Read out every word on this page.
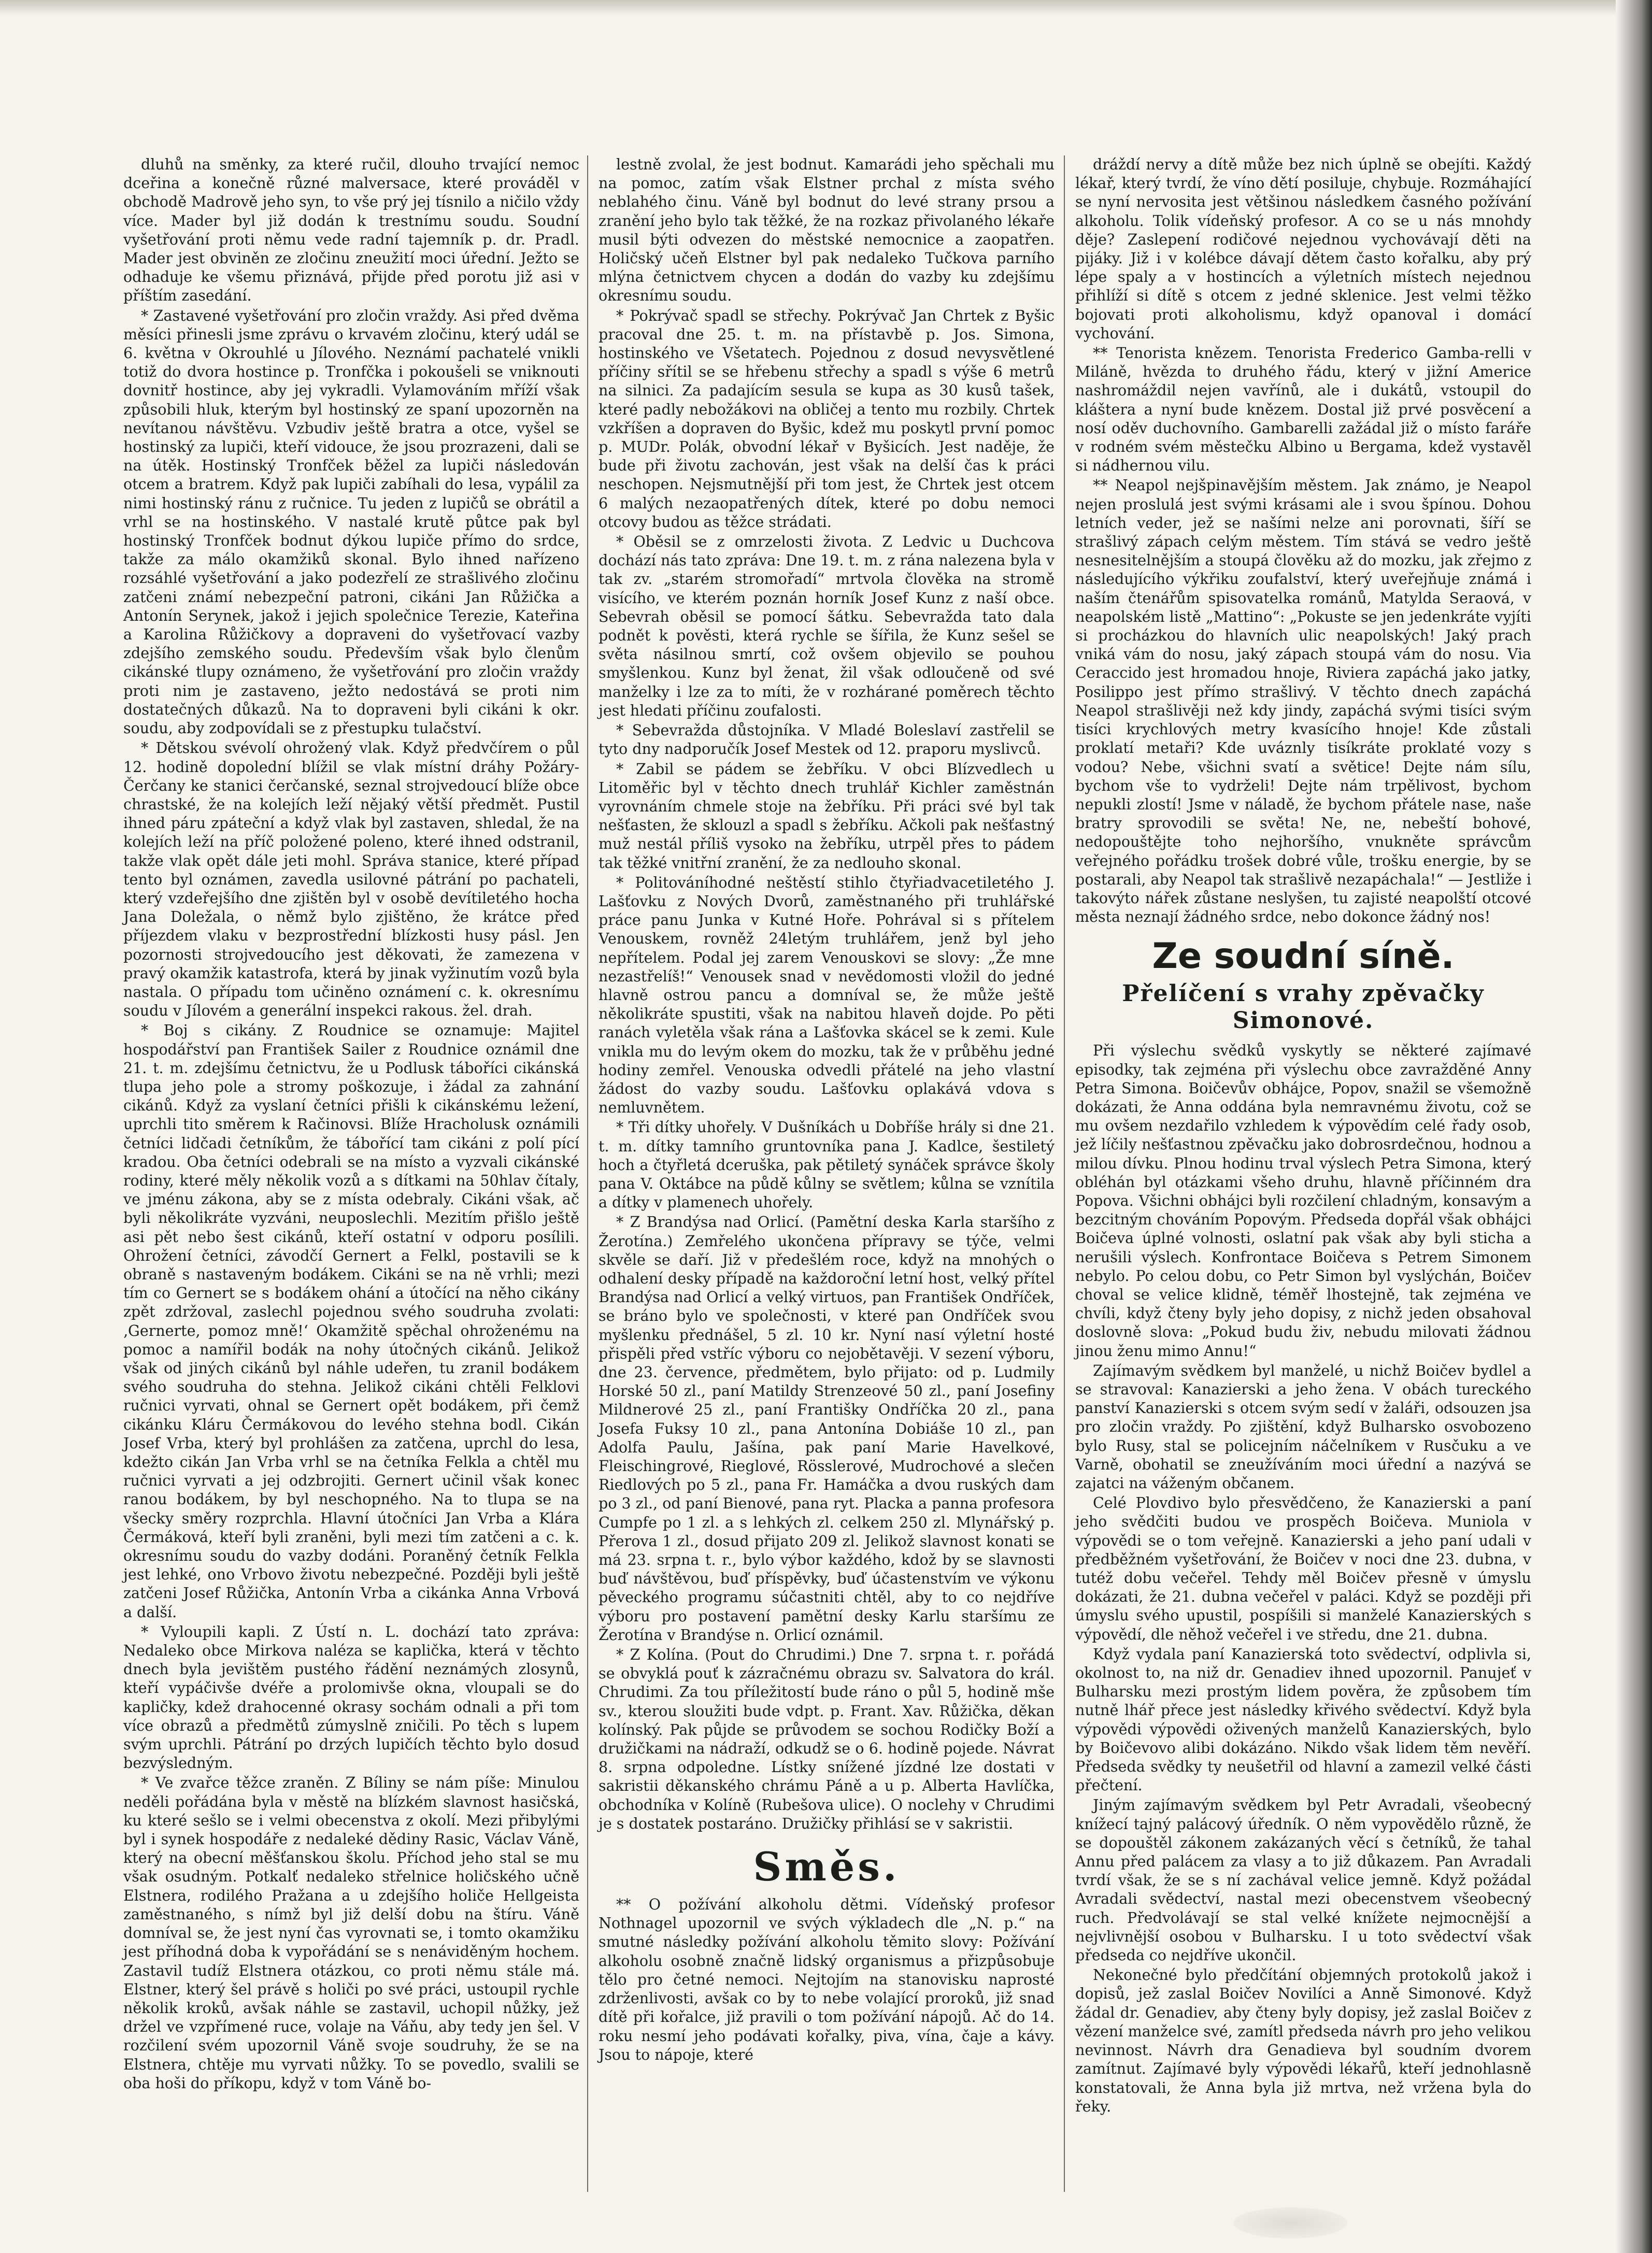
dluhů na směnky, za které ručil, dlouho trvající nemoc dceřina a konečně různé malversace, které prováděl v obchodě Madrově jeho syn, to vše prý jej tísnilo a ničilo vždy více. Mader byl již dodán k trestnímu soudu. Soudní vyšetřování proti němu vede radní tajemník p. dr. Pradl. Mader jest obviněn ze zločinu zneužití moci úřední. Ježto se odhaduje ke všemu přiznává, přijde před porotu již asi v příštím zasedání.

* Zastavené vyšetřování pro zločin vraždy. Asi před dvěma měsíci přinesli jsme zprávu o krvavém zločinu, který udál se 6. května v Okrouhlé u Jílového. Neznámí pachatelé vnikli totiž do dvora hostince p. Tronfčka i pokoušeli se vniknouti dovnitř hostince, aby jej vykradli. Vylamováním mříží však způsobili hluk, kterým byl hostinský ze spaní upozorněn na nevítanou návštěvu. Vzbudiv ještě bratra a otce, vyšel se hostinský za lupiči, kteří vidouce, že jsou prozrazeni, dali se na útěk. Hostinský Tronfček běžel za lupiči následován otcem a bratrem. Když pak lupiči zabíhali do lesa, vypálil za nimi hostinský ránu z ručnice. Tu jeden z lupičů se obrátil a vrhl se na hostinského. V nastalé krutě půtce pak byl hostinský Tronfček bodnut dýkou lupiče přímo do srdce, takže za málo okamžiků skonal. Bylo ihned nařízeno rozsáhlé vyšetřování a jako podezřelí ze strašlivého zločinu zatčeni známí nebezpeční patroni, cikáni Jan Růžička a Antonín Serynek, jakož i jejich společnice Terezie, Kateřina a Karolina Růžičkovy a dopraveni do vyšetřovací vazby zdejšího zemského soudu. Především však bylo členům cikánské tlupy oznámeno, že vyšetřování pro zločin vraždy proti nim je zastaveno, ježto nedostává se proti nim dostatečných důkazů. Na to dopraveni byli cikáni k okr. soudu, aby zodpovídali se z přestupku tulačství.

* Dětskou svévolí ohrožený vlak. Když předvčírem o půl 12. hodině dopolední blížil se vlak místní dráhy Požáry-Čerčany ke stanici čerčanské, seznal strojvedoucí blíže obce chrastské, že na kolejích leží nějaký větší předmět. Pustil ihned páru zpáteční a když vlak byl zastaven, shledal, že na kolejích leží na příč položené poleno, které ihned odstranil, takže vlak opět dále jeti mohl. Správa stanice, které případ tento byl oznámen, zavedla usilovné pátrání po pachateli, který vzdeřejšího dne zjištěn byl v osobě devítiletého hocha Jana Doležala, o němž bylo zjištěno, že krátce před příjezdem vlaku v bezprostřední blízkosti husy pásl. Jen pozornosti strojvedoucího jest děkovati, že zamezena v pravý okamžik katastrofa, která by jinak vyžinutím vozů byla nastala. O případu tom učiněno oznámení c. k. okresnímu soudu v Jílovém a generální inspekci rakous. žel. drah.

* Boj s cikány. Z Roudnice se oznamuje: Majitel hospodářství pan František Sailer z Roudnice oznámil dne 21. t. m. zdejšímu četnictvu, že u Podlusk táboříci cikánská tlupa jeho pole a stromy poškozuje, i žádal za zahnání cikánů. Když za vyslaní četníci přišli k cikánskému ležení, uprchli tito směrem k Račinovsi. Blíže Hracholusk oznámili četníci lidčadi četníkům, že tábořící tam cikáni z polí pící kradou. Oba četníci odebrali se na místo a vyzvali cikánské rodiny, které měly několik vozů a s dítkami na 50hlav čítaly, ve jménu zákona, aby se z místa odebraly. Cikáni však, ač byli několikráte vyzváni, neuposlechli. Mezitím přišlo ještě asi pět nebo šest cikánů, kteří ostatní v odporu posílili. Ohrožení četníci, závodčí Gernert a Felkl, postavili se k obraně s nastaveným bodákem. Cikáni se na ně vrhli; mezi tím co Gernert se s bodákem ohání a útočící na něho cikány zpět zdržoval, zaslechl pojednou svého soudruha zvolati: ‚Gernerte, pomoz mně!‘ Okamžitě spěchal ohroženému na pomoc a namířil bodák na nohy útočných cikánů. Jelikož však od jiných cikánů byl náhle udeřen, tu zranil bodákem svého soudruha do stehna. Jelikož cikáni chtěli Felklovi ručnici vyrvati, ohnal se Gernert opět bodákem, při čemž cikánku Kláru Čermákovou do levého stehna bodl. Cikán Josef Vrba, který byl prohlášen za zatčena, uprchl do lesa, kdežto cikán Jan Vrba vrhl se na četníka Felkla a chtěl mu ručnici vyrvati a jej odzbrojiti. Gernert učinil však konec ranou bodákem, by byl neschopného. Na to tlupa se na všecky směry rozprchla. Hlavní útočníci Jan Vrba a Klára Čermáková, kteří byli zraněni, byli mezi tím zatčeni a c. k. okresnímu soudu do vazby dodáni. Poraněný četník Felkla jest lehké, ono Vrbovo životu nebezpečné. Později byli ještě zatčeni Josef Růžička, Antonín Vrba a cikánka Anna Vrbová a další.

* Vyloupili kapli. Z Ústí n. L. dochází tato zpráva: Nedaleko obce Mirkova naléza se kaplička, která v těchto dnech byla jevištěm pustého řádění neznámých zlosynů, kteří vypáčivše dvéře a prolomivše okna, vloupali se do kapličky, kdež drahocenné okrasy sochám odnali a při tom více obrazů a předmětů zúmyslně zničili. Po těch s lupem svým uprchli. Pátrání po drzých lupičích těchto bylo dosud bezvýsledným.

* Ve zvařce těžce zraněn. Z Bíliny se nám píše: Minulou neděli pořádána byla v městě na blízkém slavnost hasičská, ku které sešlo se i velmi obecenstva z okolí. Mezi přibylými byl i synek hospodáře z nedaleké dědiny Rasic, Václav Váně, který na obecní měšťanskou školu. Příchod jeho stal se mu však osudným. Potkalť nedaleko střelnice holičského učně Elstnera, rodilého Pražana a u zdejšího holiče Hellgeista zaměstnaného, s nímž byl již delší dobu na štíru. Váně domníval se, že jest nyní čas vyrovnati se, i tomto okamžiku jest příhodná doba k vypořádání se s nenáviděným hochem. Zastavil tudíž Elstnera otázkou, co proti němu stále má. Elstner, který šel právě s holiči po své práci, ustoupil rychle několik kroků, avšak náhle se zastavil, uchopil nůžky, jež držel ve vzpřímené ruce, volaje na Váňu, aby tedy jen šel. V rozčilení svém upozornil Váně svoje soudruhy, že se na Elstnera, chtěje mu vyrvati nůžky. To se povedlo, svalili se oba hoši do příkopu, když v tom Váně bo-

lestně zvolal, že jest bodnut. Kamarádi jeho spěchali mu na pomoc, zatím však Elstner prchal z místa svého neblahého činu. Váně byl bodnut do levé strany prsou a zranění jeho bylo tak těžké, že na rozkaz přivolaného lékaře musil býti odvezen do městské nemocnice a zaopatřen. Holičský učeň Elstner byl pak nedaleko Tučkova parního mlýna četnictvem chycen a dodán do vazby ku zdejšímu okresnímu soudu.

* Pokrývač spadl se střechy. Pokrývač Jan Chrtek z Byšic pracoval dne 25. t. m. na přístavbě p. Jos. Simona, hostinského ve Všetatech. Pojednou z dosud nevysvětlené příčiny sřítil se se hřebenu střechy a spadl s výše 6 metrů na silnici. Za padajícím sesula se kupa as 30 kusů tašek, které padly nebožákovi na obličej a tento mu rozbily. Chrtek vzkříšen a dopraven do Byšic, kdež mu poskytl první pomoc p. MUDr. Polák, obvodní lékař v Byšicích. Jest naděje, že bude při životu zachován, jest však na delší čas k práci neschopen. Nejsmutnější při tom jest, že Chrtek jest otcem 6 malých nezaopatřených dítek, které po dobu nemoci otcovy budou as těžce strádati.

* Oběsil se z omrzelosti života. Z Ledvic u Duchcova dochází nás tato zpráva: Dne 19. t. m. z rána nalezena byla v tak zv. „starém stromořadí“ mrtvola člověka na stromě visícího, ve kterém poznán horník Josef Kunz z naší obce. Sebevrah oběsil se pomocí šátku. Sebevražda tato dala podnět k pověsti, která rychle se šířila, že Kunz sešel se světa násilnou smrtí, což ovšem objevilo se pouhou smyšlenkou. Kunz byl ženat, žil však odloučeně od své manželky i lze za to míti, že v rozhárané poměrech těchto jest hledati příčinu zoufalosti.

* Sebevražda důstojníka. V Mladé Boleslaví zastřelil se tyto dny nadporučík Josef Mestek od 12. praporu myslivců.

* Zabil se pádem se žebříku. V obci Blízvedlech u Litoměřic byl v těchto dnech truhlář Kichler zaměstnán vyrovnáním chmele stoje na žebříku. Při práci své byl tak nešťasten, že sklouzl a spadl s žebříku. Ačkoli pak nešťastný muž nestál příliš vysoko na žebříku, utrpěl přes to pádem tak těžké vnitřní zranění, že za nedlouho skonal.

* Politováníhodné neštěstí stihlo čtyřiadvacetiletého J. Lašťovku z Nových Dvorů, zaměstnaného při truhlářské práce panu Junka v Kutné Hoře. Pohrával si s přítelem Venouskem, rovněž 24letým truhlářem, jenž byl jeho nepřítelem. Podal jej zarem Venouskovi se slovy: „Že mne nezastřelíš!“ Venousek snad v nevědomosti vložil do jedné hlavně ostrou pancu a domníval se, že může ještě několikráte spustiti, však na nabitou hlaveň dojde. Po pěti ranách vyletěla však rána a Lašťovka skácel se k zemi. Kule vnikla mu do levým okem do mozku, tak že v průběhu jedné hodiny zemřel. Venouska odvedli přátelé na jeho vlastní žádost do vazby soudu. Lašťovku oplakává vdova s nemluvnětem.

* Tři dítky uhořely. V Dušníkách u Dobříše hrály si dne 21. t. m. dítky tamního gruntovníka pana J. Kadlce, šestiletý hoch a čtyřletá dceruška, pak pětiletý synáček správce školy pana V. Oktábce na půdě kůlny se světlem; kůlna se vznítila a dítky v plamenech uhořely.

* Z Brandýsa nad Orlicí. (Pamětní deska Karla staršího z Žerotína.) Zemřelého ukončena přípravy se týče, velmi skvěle se daří. Již v předešlém roce, když na mnohých o odhalení desky případě na každoroční letní host, velký přítel Brandýsa nad Orlicí a velký virtuos, pan František Ondříček, se bráno bylo ve společnosti, v které pan Ondříček svou myšlenku přednášel, 5 zl. 10 kr. Nyní nasí výletní hosté přispěli před vstříc výboru co nejobětavěji. V sezení výboru, dne 23. července, předmětem, bylo přijato: od p. Ludmily Horské 50 zl., paní Matildy Strenzeové 50 zl., paní Josefiny Mildnerové 25 zl., paní Františky Ondříčka 20 zl., pana Josefa Fuksy 10 zl., pana Antonína Dobiáše 10 zl., pan Adolfa Paulu, Jašína, pak paní Marie Havelkové, Fleischingrové, Rieglové, Rösslerové, Mudrochové a slečen Riedlových po 5 zl., pana Fr. Hamáčka a dvou ruských dam po 3 zl., od paní Bienové, pana ryt. Placka a panna profesora Cumpfe po 1 zl. a s lehkých zl. celkem 250 zl. Mlynářský p. Přerova 1 zl., dosud přijato 209 zl. Jelikož slavnost konati se má 23. srpna t. r., bylo výbor každého, kdož by se slavnosti buď návštěvou, buď příspěvky, buď účastenstvím ve výkonu pěveckého programu súčastniti chtěl, aby to co nejdříve výboru pro postavení pamětní desky Karlu staršímu ze Žerotína v Brandýse n. Orlicí oznámil.

* Z Kolína. (Pout do Chrudimi.) Dne 7. srpna t. r. pořádá se obvyklá pouť k zázračnému obrazu sv. Salvatora do král. Chrudimi. Za tou příležitostí bude ráno o půl 5, hodině mše sv., kterou sloužiti bude vdpt. p. Frant. Xav. Růžička, děkan kolínský. Pak půjde se průvodem se sochou Rodičky Boží a družičkami na nádraží, odkudž se o 6. hodině pojede. Návrat 8. srpna odpoledne. Lístky snížené jízdné lze dostati v sakristii děkanského chrámu Páně a u p. Alberta Havlíčka, obchodníka v Kolíně (Rubešova ulice). O noclehy v Chrudimi je s dostatek postaráno. Družičky přihlásí se v sakristii.

Směs.

** O požívání alkoholu dětmi. Vídeňský profesor Nothnagel upozornil ve svých výkladech dle „N. p.“ na smutné následky požívání alkoholu těmito slovy: Požívání alkoholu osobně značně lidský organismus a přizpůsobuje tělo pro četné nemoci. Nejtojím na stanovisku naprosté zdrženlivosti, avšak co by to nebe volající proroků, již snad dítě při kořalce, již pravili o tom požívání nápojů. Ač do 14. roku nesmí jeho podávati kořalky, piva, vína, čaje a kávy. Jsou to nápoje, které

dráždí nervy a dítě může bez nich úplně se obejíti. Každý lékař, který tvrdí, že víno dětí posiluje, chybuje. Rozmáhající se nyní nervosita jest většinou následkem časného požívání alkoholu. Tolik vídeňský profesor. A co se u nás mnohdy děje? Zaslepení rodičové nejednou vychovávají děti na pijáky. Již i v kolébce dávají dětem často kořalku, aby prý lépe spaly a v hostincích a výletních místech nejednou přihlíží si dítě s otcem z jedné sklenice. Jest velmi těžko bojovati proti alkoholismu, když opanoval i domácí vychování.

** Tenorista knězem. Tenorista Frederico Gamba-relli v Miláně, hvězda to druhého řádu, který v jižní Americe nashromáždil nejen vavřínů, ale i dukátů, vstoupil do kláštera a nyní bude knězem. Dostal již prvé posvěcení a nosí oděv duchovního. Gambarelli zažádal již o místo faráře v rodném svém městečku Albino u Bergama, kdež vystavěl si nádhernou vilu.

** Neapol nejšpinavějším městem. Jak známo, je Neapol nejen proslulá jest svými krásami ale i svou špínou. Dohou letních veder, jež se našími nelze ani porovnati, šíří se strašlivý zápach celým městem. Tím stává se vedro ještě nesnesitelnějším a stoupá člověku až do mozku, jak zřejmo z následujícího výkřiku zoufalství, který uveřejňuje známá i naším čtenářům spisovatelka románů, Matylda Seraová, v neapolském listě „Mattino“: „Pokuste se jen jedenkráte vyjíti si procházkou do hlavních ulic neapolských! Jaký prach vniká vám do nosu, jaký zápach stoupá vám do nosu. Via Ceraccido jest hromadou hnoje, Riviera zapáchá jako jatky, Posilippo jest přímo strašlivý. V těchto dnech zapáchá Neapol strašlivěji než kdy jindy, zapáchá svými tisíci svým tisíci krychlových metry kvasícího hnoje! Kde zůstali proklatí metaři? Kde uváznly tisíkráte proklaté vozy s vodou? Nebe, všichni svatí a světice! Dejte nám sílu, bychom vše to vydrželi! Dejte nám trpělivost, bychom nepukli zlostí! Jsme v náladě, že bychom přátele nase, naše bratry sprovodili se světa! Ne, ne, nebeští bohové, nedopouštějte toho nejhoršího, vnukněte správcům veřejného pořádku trošek dobré vůle, trošku energie, by se postarali, aby Neapol tak strašlivě nezapáchala!“ — Jestliže i takovýto nářek zůstane neslyšen, tu zajisté neapolští otcové města neznají žádného srdce, nebo dokonce žádný nos!

Ze soudní síně.
Přelíčení s vrahy zpěvačky Simonové.

Při výslechu svědků vyskytly se některé zajímavé episodky, tak zejména při výslechu obce zavražděné Anny Petra Simona. Boičevův obhájce, Popov, snažil se všemožně dokázati, že Anna oddána byla nemravnému životu, což se mu ovšem nezdařilo vzhledem k výpovědím celé řady osob, jež líčily nešťastnou zpěvačku jako dobrosrdečnou, hodnou a milou dívku. Plnou hodinu trval výslech Petra Simona, který obléhán byl otázkami všeho druhu, hlavně příčinném dra Popova. Všichni obhájci byli rozčilení chladným, konsavým a bezcitným chováním Popovým. Předseda dopřál však obhájci Boičeva úplné volnosti, oslatní pak však aby byli sticha a nerušili výslech. Konfrontace Boičeva s Petrem Simonem nebylo. Po celou dobu, co Petr Simon byl vyslýchán, Boičev choval se velice klidně, téměř lhostejně, tak zejména ve chvíli, když čteny byly jeho dopisy, z nichž jeden obsahoval doslovně slova: „Pokud budu živ, nebudu milovati žádnou jinou ženu mimo Annu!“

Zajímavým svědkem byl manželé, u nichž Boičev bydlel a se stravoval: Kanazierski a jeho žena. V obách tureckého panství Kanazierski s otcem svým sedí v žaláři, odsouzen jsa pro zločin vraždy. Po zjištění, když Bulharsko osvobozeno bylo Rusy, stal se policejním náčelníkem v Rusčuku a ve Varně, obohatil se zneužíváním moci úřední a nazývá se zajatci na váženým občanem.

Celé Plovdivo bylo přesvědčeno, že Kanazierski a paní jeho svědčiti budou ve prospěch Boičeva. Muniola v výpovědi se o tom veřejně. Kanazierski a jeho paní udali v předběžném vyšetřování, že Boičev v noci dne 23. dubna, v tutéž dobu večeřel. Tehdy měl Boičev přesně v úmyslu dokázati, že 21. dubna večeřel v paláci. Když se později při úmyslu svého upustil, pospíšili si manželé Kanazierských s výpovědí, dle něhož večeřel i ve středu, dne 21. dubna.

Když vydala paní Kanazierská toto svědectví, odplivla si, okolnost to, na niž dr. Genadiev ihned upozornil. Panujeť v Bulharsku mezi prostým lidem pověra, že způsobem tím nutně lhář přece jest následky křivého svědectví. Když byla výpovědi výpovědi oživených manželů Kanazierských, bylo by Boičevovo alibi dokázáno. Nikdo však lidem těm nevěří. Předseda svědky ty neušetřil od hlavní a zamezil velké části přečtení.

Jiným zajímavým svědkem byl Petr Avradali, všeobecný knížecí tajný palácový úředník. O něm vypovědělo různě, že se dopouštěl zákonem zakázaných věcí s četníků, že tahal Annu před palácem za vlasy a to již důkazem. Pan Avradali tvrdí však, že se s ní zachával velice jemně. Když požádal Avradali svědectví, nastal mezi obecenstvem všeobecný ruch. Předvolávají se stal velké knížete nejmocnější a nejvlivnější osobou v Bulharsku. I u toto svědectví však předseda co nejdříve ukončil.

Nekonečné bylo předčítání objemných protokolů jakož i dopisů, jež zaslal Boičev Novilíci a Anně Simonové. Když žádal dr. Genadiev, aby čteny byly dopisy, jež zaslal Boičev z vězení manželce své, zamítl předseda návrh pro jeho velikou nevinnost. Návrh dra Genadieva byl soudním dvorem zamítnut. Zajímavé byly výpovědi lékařů, kteří jednohlasně konstatovali, že Anna byla již mrtva, než vržena byla do řeky.
